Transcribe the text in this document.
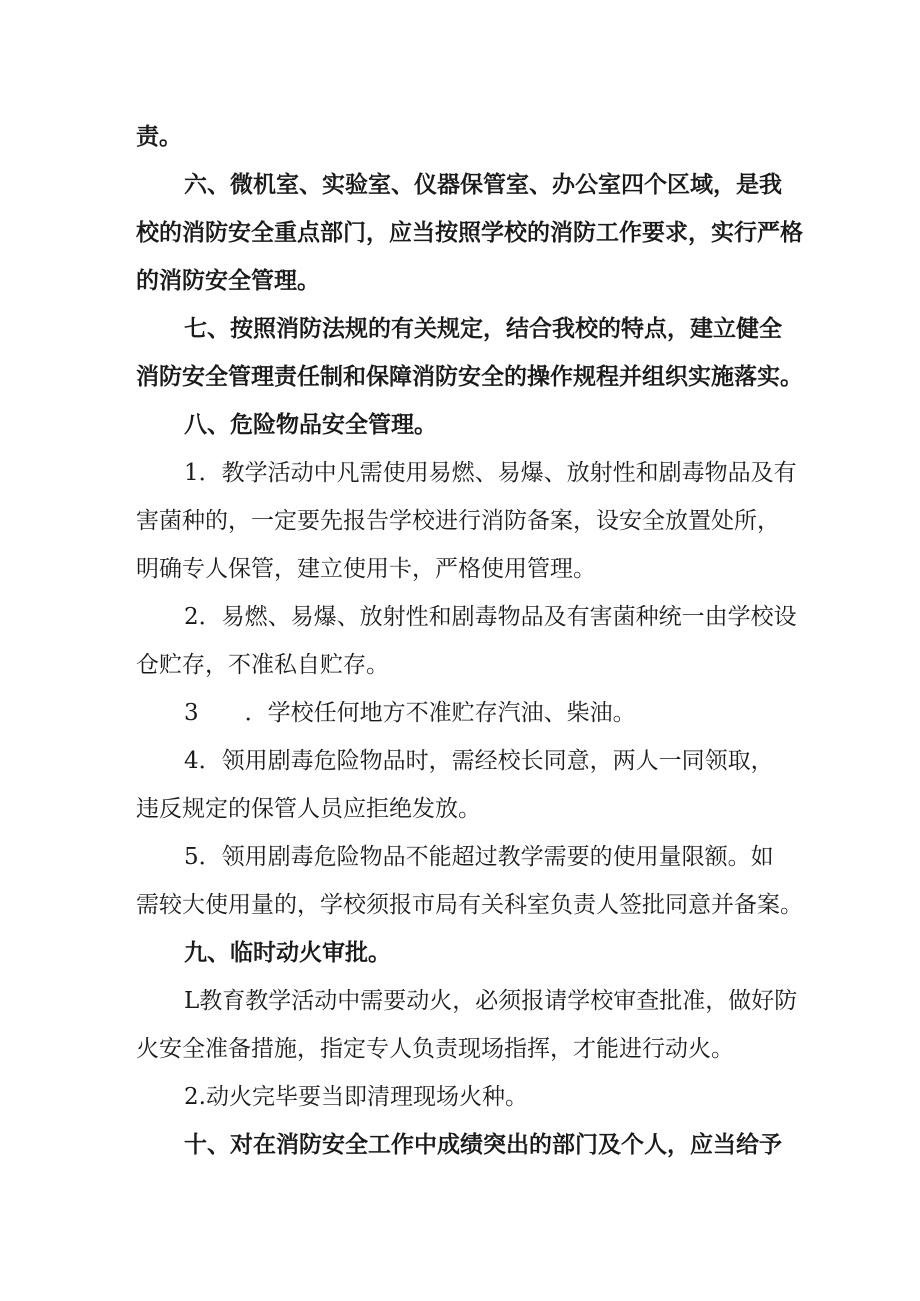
责。
六、微机室、实验室、仪器保管室、办公室四个区域，是我
校的消防安全重点部门，应当按照学校的消防工作要求，实行严格
的消防安全管理。
七、按照消防法规的有关规定，结合我校的特点，建立健全
消防安全管理责任制和保障消防安全的操作规程并组织实施落实。
八、危险物品安全管理。
1．教学活动中凡需使用易燃、易爆、放射性和剧毒物品及有
害菌种的，一定要先报告学校进行消防备案，设安全放置处所，
明确专人保管，建立使用卡，严格使用管理。
2．易燃、易爆、放射性和剧毒物品及有害菌种统一由学校设
仓贮存，不准私自贮存。
3　　．学校任何地方不准贮存汽油、柴油。
4．领用剧毒危险物品时，需经校长同意，两人一同领取，
违反规定的保管人员应拒绝发放。
5．领用剧毒危险物品不能超过教学需要的使用量限额。如
需较大使用量的，学校须报市局有关科室负责人签批同意并备案。
九、临时动火审批。
L教育教学活动中需要动火，必须报请学校审查批准，做好防
火安全准备措施，指定专人负责现场指挥，才能进行动火。
2.动火完毕要当即清理现场火种。
十、对在消防安全工作中成绩突出的部门及个人，应当给予
